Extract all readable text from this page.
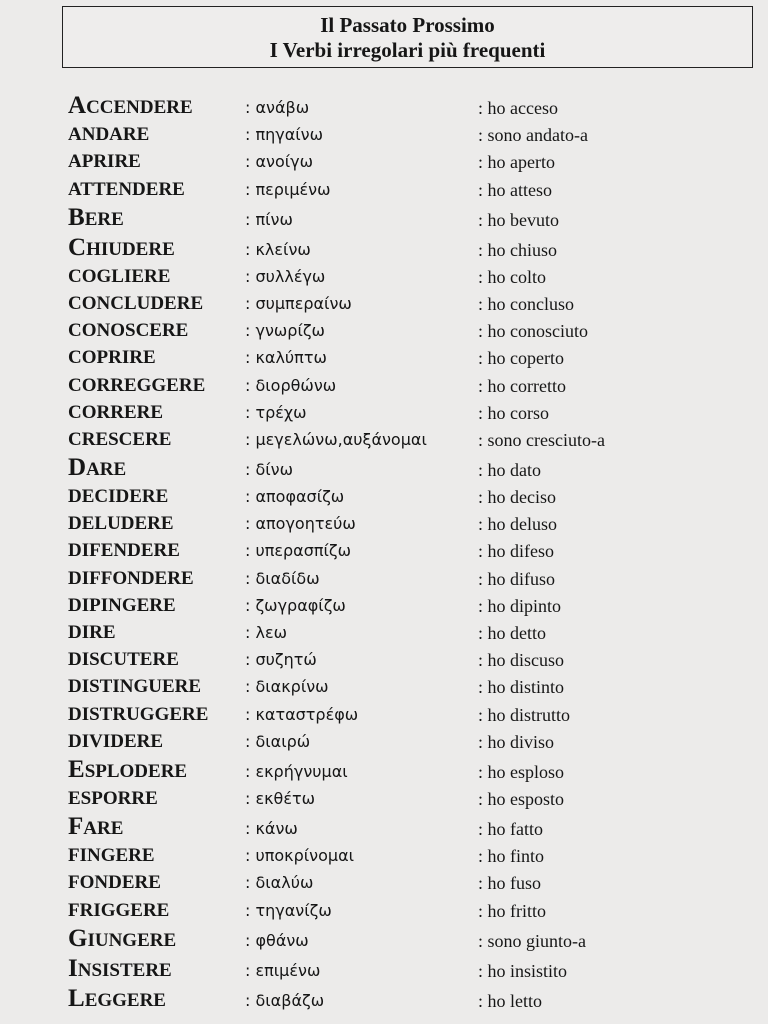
Il Passato Prossimo
I Verbi irregolari più frequenti
ACCENDERE	: ανάβω	: ho acceso
ANDARE	: πηγαίνω	: sono andato-a
APRIRE	: ανοίγω	: ho aperto
ATTENDERE	: περιμένω	: ho atteso
BERE	: πίνω	: ho bevuto
CHIUDERE	: κλείνω	: ho chiuso
COGLIERE	: συλλέγω	: ho colto
CONCLUDERE	: συμπεραίνω	: ho concluso
CONOSCERE	: γνωρίζω	: ho conosciuto
COPRIRE	: καλύπτω	: ho coperto
CORREGGERE : διορθώνω	: ho corretto
CORRERE	: τρέχω	: ho corso
CRESCERE	: μεγελώνω,αυξάνομαι	: sono cresciuto-a
DARE	: δίνω	: ho dato
DECIDERE	: αποφασίζω	: ho deciso
DELUDERE	: απογοητεύω	: ho deluso
DIFENDERE	: υπερασπίζω	: ho difeso
DIFFONDERE	: διαδίδω	: ho difuso
DIPINGERE	: ζωγραφίζω	: ho dipinto
DIRE	: λεω	: ho detto
DISCUTERE	: συζητώ	: ho discuso
DISTINGUERE	: διακρίνω	: ho distinto
DISTRUGGERE : καταστρέφω	: ho distrutto
DIVIDERE	: διαιρώ	: ho diviso
ESPLODERE	: εκρήγνυμαι	: ho esploso
ESPORRE	: εκθέτω	: ho esposto
FARE	: κάνω	: ho fatto
FINGERE	: υποκρίνομαι	: ho finto
FONDERE	: διαλύω	: ho fuso
FRIGGERE	: τηγανίζω	: ho fritto
GIUNGERE	: φθάνω	: sono giunto-a
INSISTERE	: επιμένω	: ho insistito
LEGGERE	: διαβάζω	: ho letto
